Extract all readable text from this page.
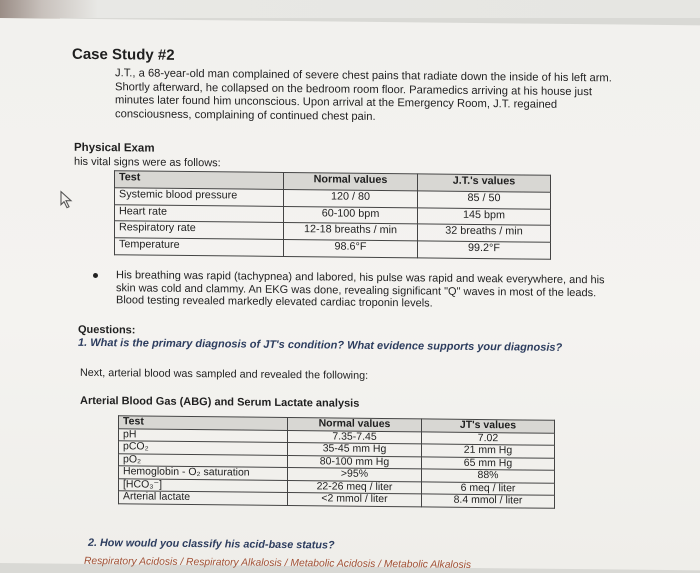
Case Study #2
J.T., a 68-year-old man complained of severe chest pains that radiate down the inside of his left arm. Shortly afterward, he collapsed on the bedroom room floor. Paramedics arriving at his house just minutes later found him unconscious. Upon arrival at the Emergency Room, J.T. regained consciousness, complaining of continued chest pain.
Physical Exam
his vital signs were as follows:
Test	Normal values	J.T.'s values
Systemic blood pressure	120 / 80	85 / 50
Heart rate	60-100 bpm	145 bpm
Respiratory rate	12-18 breaths / min	32 breaths / min
Temperature	98.6°F	99.2°F
His breathing was rapid (tachypnea) and labored, his pulse was rapid and weak everywhere, and his skin was cold and clammy. An EKG was done, revealing significant "Q" waves in most of the leads. Blood testing revealed markedly elevated cardiac troponin levels.
Questions:
1. What is the primary diagnosis of JT's condition? What evidence supports your diagnosis?
Next, arterial blood was sampled and revealed the following:
Arterial Blood Gas (ABG) and Serum Lactate analysis
Test	Normal values	JT's values
pH	7.35-7.45	7.02
pCO₂	35-45 mm Hg	21 mm Hg
pO₂	80-100 mm Hg	65 mm Hg
Hemoglobin - O₂ saturation	>95%	88%
[HCO₃⁻]	22-26 meq / liter	6 meq / liter
Arterial lactate	<2 mmol / liter	8.4 mmol / liter
2. How would you classify his acid-base status?
Respiratory Acidosis / Respiratory Alkalosis / Metabolic Acidosis / Metabolic Alkalosis
